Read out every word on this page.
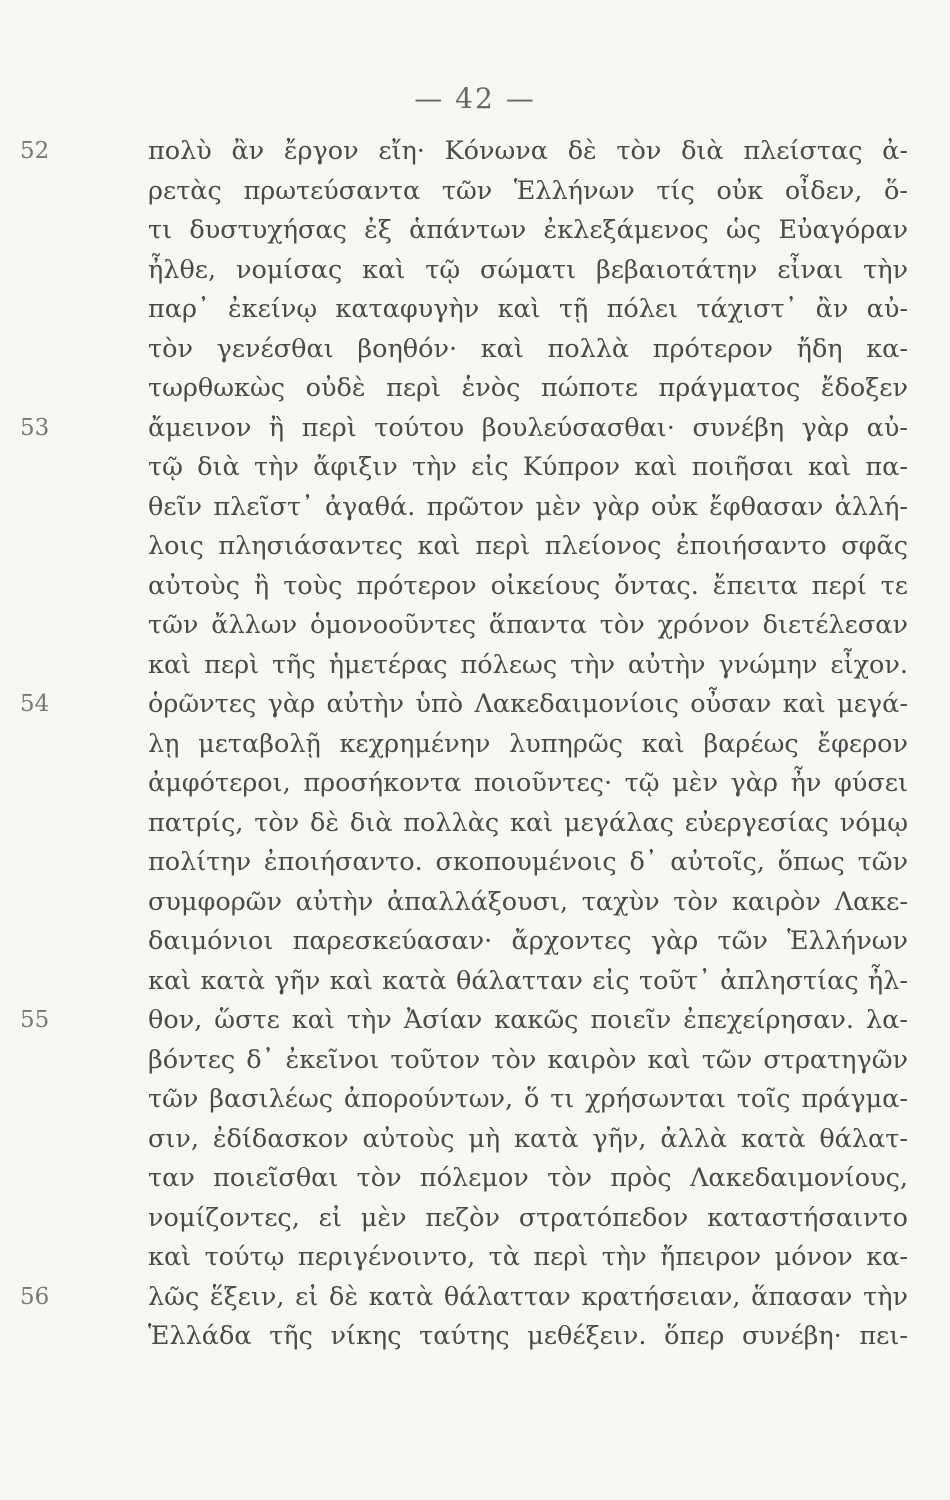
— 42 —
52	πολὺ ἂν ἔργον εἴη· Κόνωνα δὲ τὸν διὰ πλείστας ἀ-
ρετὰς πρωτεύσαντα τῶν Ἑλλήνων τίς οὐκ οἶδεν, ὅ-
τι δυστυχήσας ἐξ ἁπάντων ἐκλεξάμενος ὡς Εὐαγόραν
ἦλθε, νομίσας καὶ τῷ σώματι βεβαιοτάτην εἶναι τὴν
παρ᾽ ἐκείνῳ καταφυγὴν καὶ τῇ πόλει τάχιστ᾽ ἂν αὐ-
τὸν γενέσθαι βοηθόν· καὶ πολλὰ πρότερον ἤδη κα-
τωρθωκὼς οὐδὲ περὶ ἑνὸς πώποτε πράγματος ἔδοξεν
53	ἄμεινον ἢ περὶ τούτου βουλεύσασθαι· συνέβη γὰρ αὐ-
τῷ διὰ τὴν ἄφιξιν τὴν εἰς Κύπρον καὶ ποιῆσαι καὶ πα-
θεῖν πλεῖστ᾽ ἀγαθά. πρῶτον μὲν γὰρ οὐκ ἔφθασαν ἀλλή-
λοις πλησιάσαντες καὶ περὶ πλείονος ἐποιήσαντο σφᾶς
αὐτοὺς ἢ τοὺς πρότερον οἰκείους ὄντας. ἔπειτα περί τε
τῶν ἄλλων ὁμονοοῦντες ἅπαντα τὸν χρόνον διετέλεσαν
καὶ περὶ τῆς ἡμετέρας πόλεως τὴν αὐτὴν γνώμην εἶχον.
54	ὁρῶντες γὰρ αὐτὴν ὑπὸ Λακεδαιμονίοις οὖσαν καὶ μεγά-
λῃ μεταβολῇ κεχρημένην λυπηρῶς καὶ βαρέως ἔφερον
ἀμφότεροι, προσήκοντα ποιοῦντες· τῷ μὲν γὰρ ἦν φύσει
πατρίς, τὸν δὲ διὰ πολλὰς καὶ μεγάλας εὐεργεσίας νόμῳ
πολίτην ἐποιήσαντο. σκοπουμένοις δ᾽ αὐτοῖς, ὅπως τῶν
συμφορῶν αὐτὴν ἀπαλλάξουσι, ταχὺν τὸν καιρὸν Λακε-
δαιμόνιοι παρεσκεύασαν· ἄρχοντες γὰρ τῶν Ἑλλήνων
καὶ κατὰ γῆν καὶ κατὰ θάλατταν εἰς τοῦτ᾽ ἀπληστίας ἦλ-
55	θον, ὥστε καὶ τὴν Ἀσίαν κακῶς ποιεῖν ἐπεχείρησαν. λα-
βόντες δ᾽ ἐκεῖνοι τοῦτον τὸν καιρὸν καὶ τῶν στρατηγῶν
τῶν βασιλέως ἀπορούντων, ὅ τι χρήσωνται τοῖς πράγμα-
σιν, ἐδίδασκον αὐτοὺς μὴ κατὰ γῆν, ἀλλὰ κατὰ θάλατ-
ταν ποιεῖσθαι τὸν πόλεμον τὸν πρὸς Λακεδαιμονίους,
νομίζοντες, εἰ μὲν πεζὸν στρατόπεδον καταστήσαιντο
καὶ τούτῳ περιγένοιντο, τὰ περὶ τὴν ἤπειρον μόνον κα-
56	λῶς ἕξειν, εἰ δὲ κατὰ θάλατταν κρατήσειαν, ἅπασαν τὴν
Ἑλλάδα τῆς νίκης ταύτης μεθέξειν. ὅπερ συνέβη· πει-
